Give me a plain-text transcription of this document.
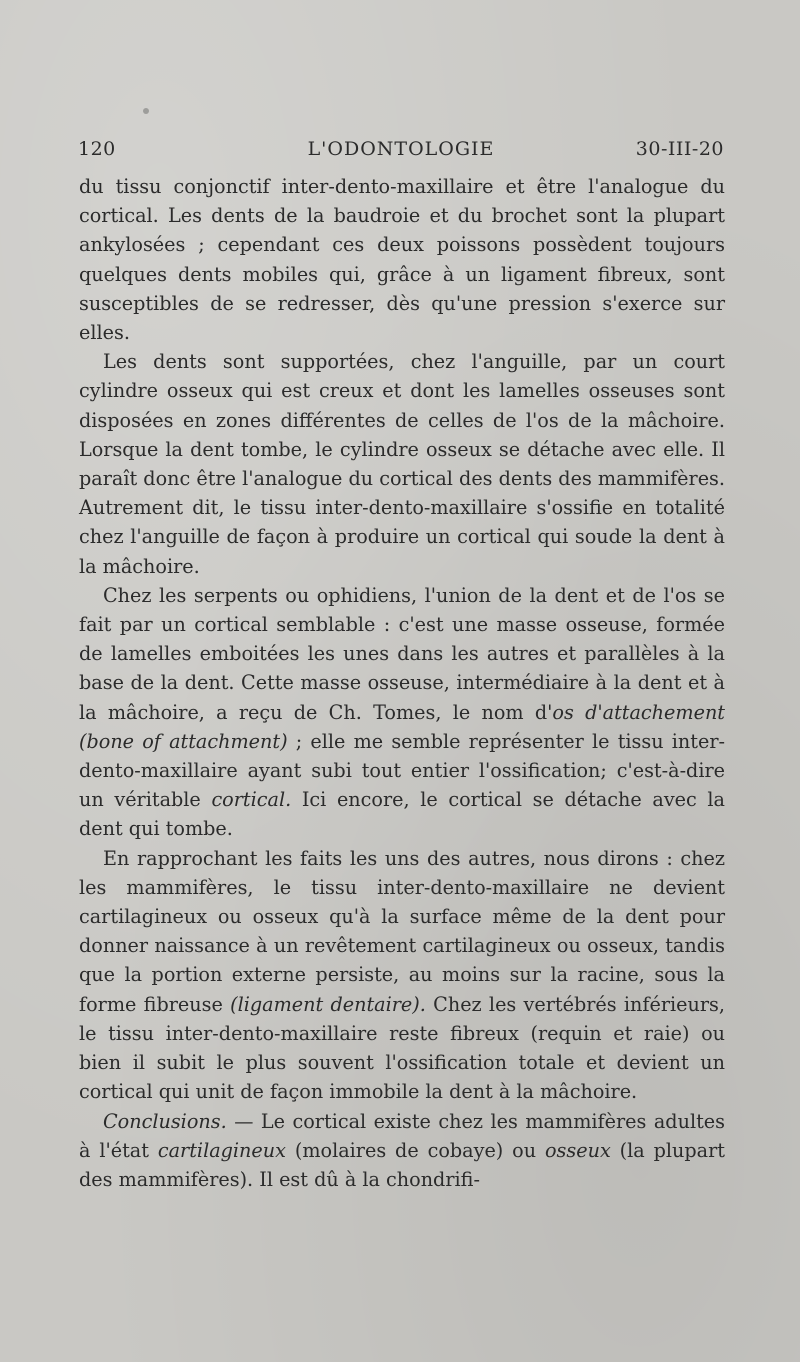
120	L'ODONTOLOGIE	30-III-20

du tissu conjonctif inter-dento-maxillaire et être l'analogue du cortical. Les dents de la baudroie et du brochet sont la plupart ankylosées ; cependant ces deux poissons possèdent toujours quelques dents mobiles qui, grâce à un ligament fibreux, sont susceptibles de se redresser, dès qu'une pression s'exerce sur elles.

Les dents sont supportées, chez l'anguille, par un court cylindre osseux qui est creux et dont les lamelles osseuses sont disposées en zones différentes de celles de l'os de la mâchoire. Lorsque la dent tombe, le cylindre osseux se détache avec elle. Il paraît donc être l'analogue du cortical des dents des mammifères. Autrement dit, le tissu inter-dento-maxillaire s'ossifie en totalité chez l'anguille de façon à produire un cortical qui soude la dent à la mâchoire.

Chez les serpents ou ophidiens, l'union de la dent et de l'os se fait par un cortical semblable : c'est une masse osseuse, formée de lamelles emboitées les unes dans les autres et parallèles à la base de la dent. Cette masse osseuse, intermédiaire à la dent et à la mâchoire, a reçu de Ch. Tomes, le nom d'os d'attachement (bone of attachment) ; elle me semble représenter le tissu inter-dento-maxillaire ayant subi tout entier l'ossification; c'est-à-dire un véritable cortical. Ici encore, le cortical se détache avec la dent qui tombe.

En rapprochant les faits les uns des autres, nous dirons : chez les mammifères, le tissu inter-dento-maxillaire ne devient cartilagineux ou osseux qu'à la surface même de la dent pour donner naissance à un revêtement cartilagineux ou osseux, tandis que la portion externe persiste, au moins sur la racine, sous la forme fibreuse (ligament dentaire). Chez les vertébrés inférieurs, le tissu inter-dento-maxillaire reste fibreux (requin et raie) ou bien il subit le plus souvent l'ossification totale et devient un cortical qui unit de façon immobile la dent à la mâchoire.

Conclusions. — Le cortical existe chez les mammifères adultes à l'état cartilagineux (molaires de cobaye) ou osseux (la plupart des mammifères). Il est dû à la chondrifi-
